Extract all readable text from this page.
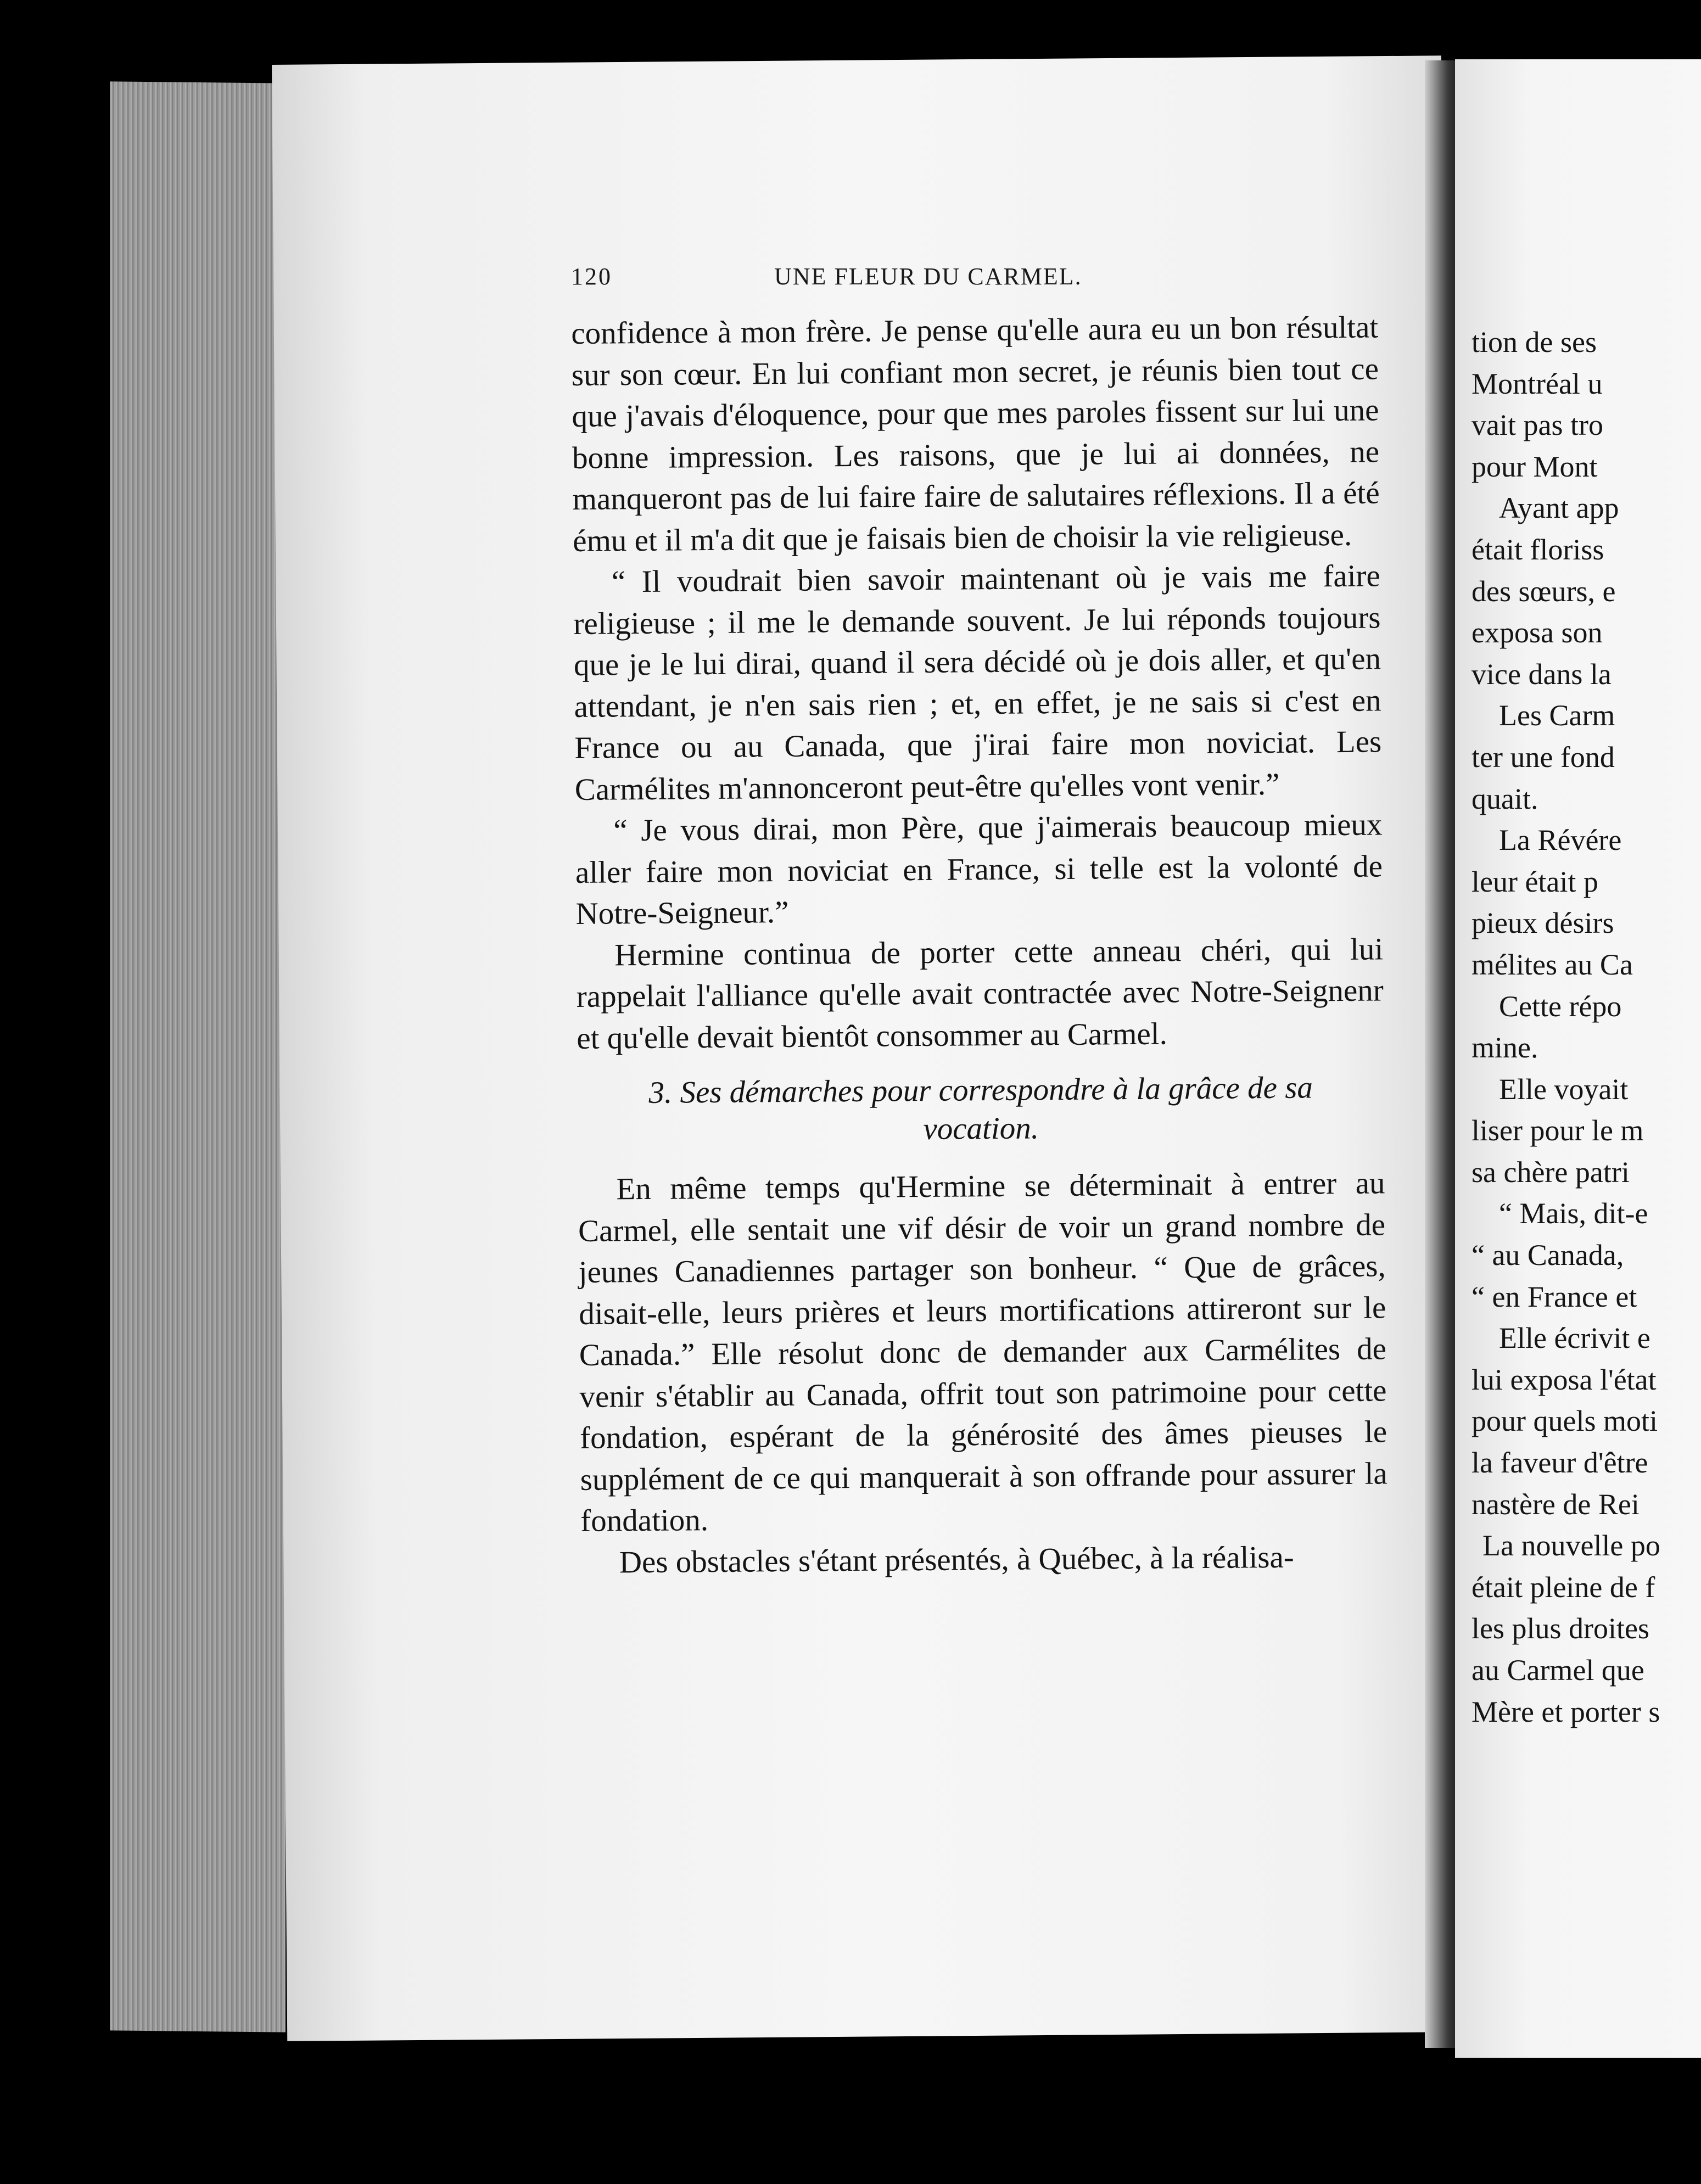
120	UNE FLEUR DU CARMEL.

confidence à mon frère. Je pense qu'elle aura eu un bon résultat sur son cœur. En lui confiant mon secret, je réunis bien tout ce que j'avais d'éloquence, pour que mes paroles fissent sur lui une bonne impression. Les raisons, que je lui ai données, ne manqueront pas de lui faire faire de salutaires réflexions. Il a été ému et il m'a dit que je faisais bien de choisir la vie religieuse.

“ Il voudrait bien savoir maintenant où je vais me faire religieuse ; il me le demande souvent. Je lui réponds toujours que je le lui dirai, quand il sera décidé où je dois aller, et qu'en attendant, je n'en sais rien ; et, en effet, je ne sais si c'est en France ou au Canada, que j'irai faire mon noviciat. Les Carmélites m'annonceront peut-être qu'elles vont venir.”

“ Je vous dirai, mon Père, que j'aimerais beaucoup mieux aller faire mon noviciat en France, si telle est la volonté de Notre-Seigneur.”

Hermine continua de porter cette anneau chéri, qui lui rappelait l'alliance qu'elle avait contractée avec Notre-Seignenr et qu'elle devait bientôt consommer au Carmel.

3. Ses démarches pour correspondre à la grâce de sa vocation.

En même temps qu'Hermine se déterminait à entrer au Carmel, elle sentait une vif désir de voir un grand nombre de jeunes Canadiennes partager son bonheur. “ Que de grâces, disait-elle, leurs prières et leurs mortifications attireront sur le Canada.” Elle résolut donc de demander aux Carmélites de venir s'établir au Canada, offrit tout son patrimoine pour cette fondation, espérant de la générosité des âmes pieuses le supplément de ce qui manquerait à son offrande pour assurer la fondation.

Des obstacles s'étant présentés, à Québec, à la réalisa-

tion de ses
Montréal u
vait pas tro
pour Mont
Ayant app
était floriss
des sœurs, e
exposa son
vice dans la
Les Carm
ter une fond
quait.
La Révére
leur était p
pieux désirs
mélites au Ca
Cette répo
mine.
Elle voyait
liser pour le m
sa chère patri
“ Mais, dit-e
“ au Canada,
“ en France et
Elle écrivit e
lui exposa l'état
pour quels moti
la faveur d'être
nastère de Rei
La nouvelle po
était pleine de f
les plus droites
au Carmel que
Mère et porter s
